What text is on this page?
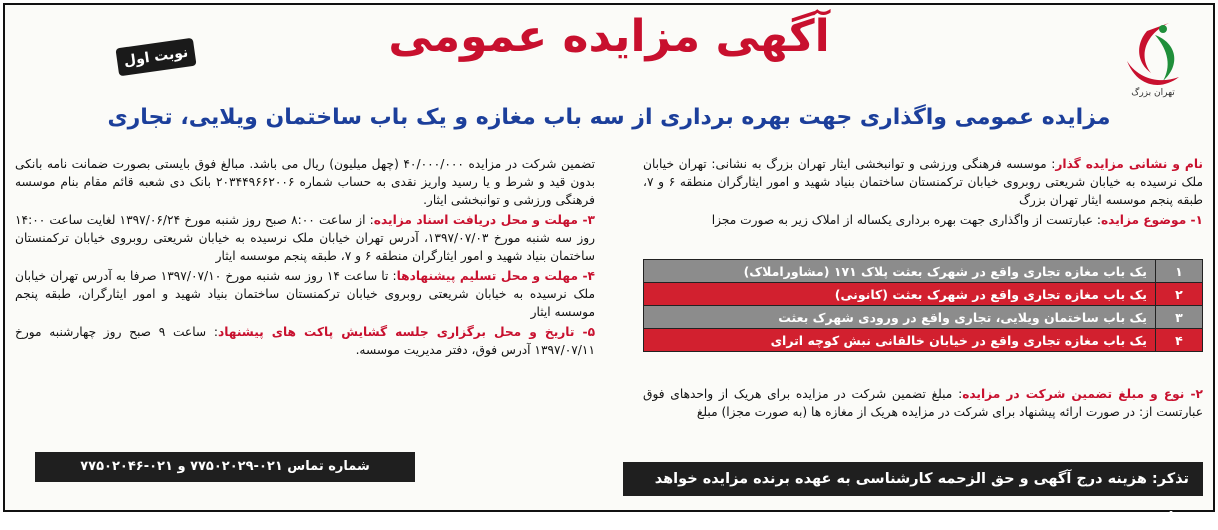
تهران بزرگ
آگهی مزایده عمومی
نوبت اول
مزایده عمومی واگذاری جهت بهره برداری از سه باب مغازه و یک باب ساختمان ویلایی، تجاری

نام و نشانی مزایده گذار: موسسه فرهنگی ورزشی و توانبخشی ایثار تهران بزرگ به نشانی: تهران خیابان ملک نرسیده به خیابان شریعتی روبروی خیابان ترکمنستان ساختمان بنیاد شهید و امور ایثارگران منطقه ۶ و ۷، طبقه پنجم موسسه ایثار تهران بزرگ

۱- موضوع مزایده: عبارتست از واگذاری جهت بهره برداری یکساله از املاک زیر به صورت مجزا

۱	یک باب مغازه تجاری واقع در شهرک بعثت پلاک ۱۷۱ (مشاوراملاک)
۲	یک باب مغازه تجاری واقع در شهرک بعثت (کانونی)
۳	یک باب ساختمان ویلایی، تجاری واقع در ورودی شهرک بعثت
۴	یک باب مغازه تجاری واقع در خیابان خالقانی نبش کوچه اترای

۲- نوع و مبلغ تضمین شرکت در مزایده: مبلغ تضمین شرکت در مزایده برای هریک از واحدهای فوق عبارتست از: در صورت ارائه پیشنهاد برای شرکت در مزایده هریک از مغازه ها (به صورت مجزا) مبلغ

تضمین شرکت در مزایده ۴۰/۰۰۰/۰۰۰ (چهل میلیون) ریال می باشد. مبالغ فوق بایستی بصورت ضمانت نامه بانکی بدون قید و شرط و یا رسید واریز نقدی به حساب شماره ۲۰۳۴۴۹۶۶۲۰۰۶ بانک دی شعبه قائم مقام بنام موسسه فرهنگی ورزشی و توانبخشی ایثار.

۳- مهلت و محل دریافت اسناد مزایده: از ساعت ۸:۰۰ صبح روز شنبه مورخ ۱۳۹۷/۰۶/۲۴ لغایت ساعت ۱۴:۰۰ روز سه شنبه مورخ ۱۳۹۷/۰۷/۰۳، آدرس تهران خیابان ملک نرسیده به خیابان شریعتی روبروی خیابان ترکمنستان ساختمان بنیاد شهید و امور ایثارگران منطقه ۶ و ۷، طبقه پنجم موسسه ایثار

۴- مهلت و محل تسلیم پیشنهادها: تا ساعت ۱۴ روز سه شنبه مورخ ۱۳۹۷/۰۷/۱۰ صرفا به آدرس تهران خیابان ملک نرسیده به خیابان شریعتی روبروی خیابان ترکمنستان ساختمان بنیاد شهید و امور ایثارگران، طبقه پنجم موسسه ایثار

۵- تاریخ و محل برگزاری جلسه گشایش پاکت های پیشنهاد: ساعت ۹ صبح روز چهارشنبه مورخ ۱۳۹۷/۰۷/۱۱ آدرس فوق، دفتر مدیریت موسسه.

تذکر: هزینه درج آگهی و حق الزحمه کارشناسی به عهده برنده مزایده خواهد بود.
شماره تماس ۰۲۱-۷۷۵۰۲۰۲۹ و ۰۲۱-۷۷۵۰۲۰۴۶
